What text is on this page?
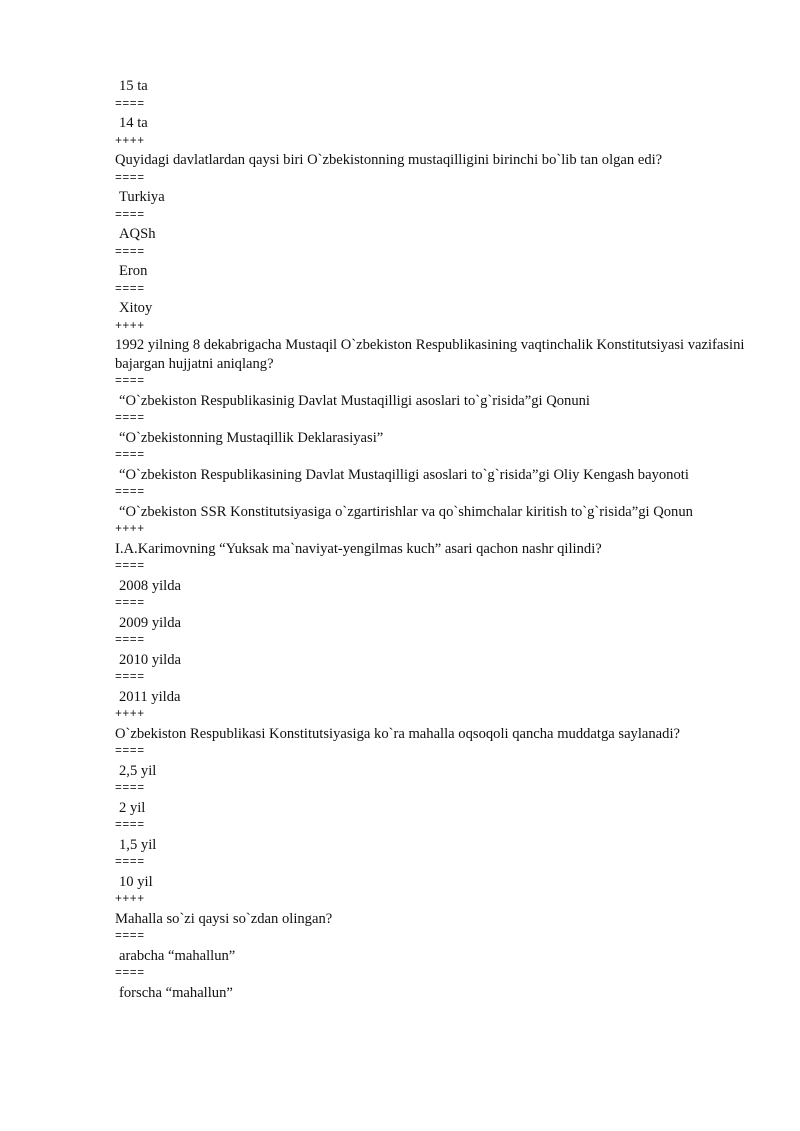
15 ta
====
14 ta
++++
Quyidagi davlatlardan qaysi biri O`zbekistonning mustaqilligini birinchi bo`lib tan olgan edi?
====
Turkiya
====
AQSh
====
Eron
====
Xitoy
++++
1992 yilning 8 dekabrigacha Mustaqil O`zbekiston Respublikasining vaqtinchalik Konstitutsiyasi vazifasini bajargan hujjatni aniqlang?
====
“O`zbekiston Respublikasinig Davlat Mustaqilligi asoslari to`g`risida”gi Qonuni
====
“O`zbekistonning Mustaqillik Deklarasiyasi”
====
“O`zbekiston Respublikasining Davlat Mustaqilligi asoslari to`g`risida”gi Oliy Kengash bayonoti
====
“O`zbekiston SSR Konstitutsiyasiga o`zgartirishlar va qo`shimchalar kiritish to`g`risida”gi Qonun
++++
I.A.Karimovning “Yuksak ma`naviyat-yengilmas kuch” asari qachon nashr qilindi?
====
2008 yilda
====
2009 yilda
====
2010 yilda
====
2011 yilda
++++
O`zbekiston Respublikasi Konstitutsiyasiga ko`ra mahalla oqsoqoli qancha muddatga saylanadi?
====
2,5 yil
====
2 yil
====
1,5 yil
====
10 yil
++++
Mahalla so`zi qaysi so`zdan olingan?
====
arabcha “mahallun”
====
forscha “mahallun”
